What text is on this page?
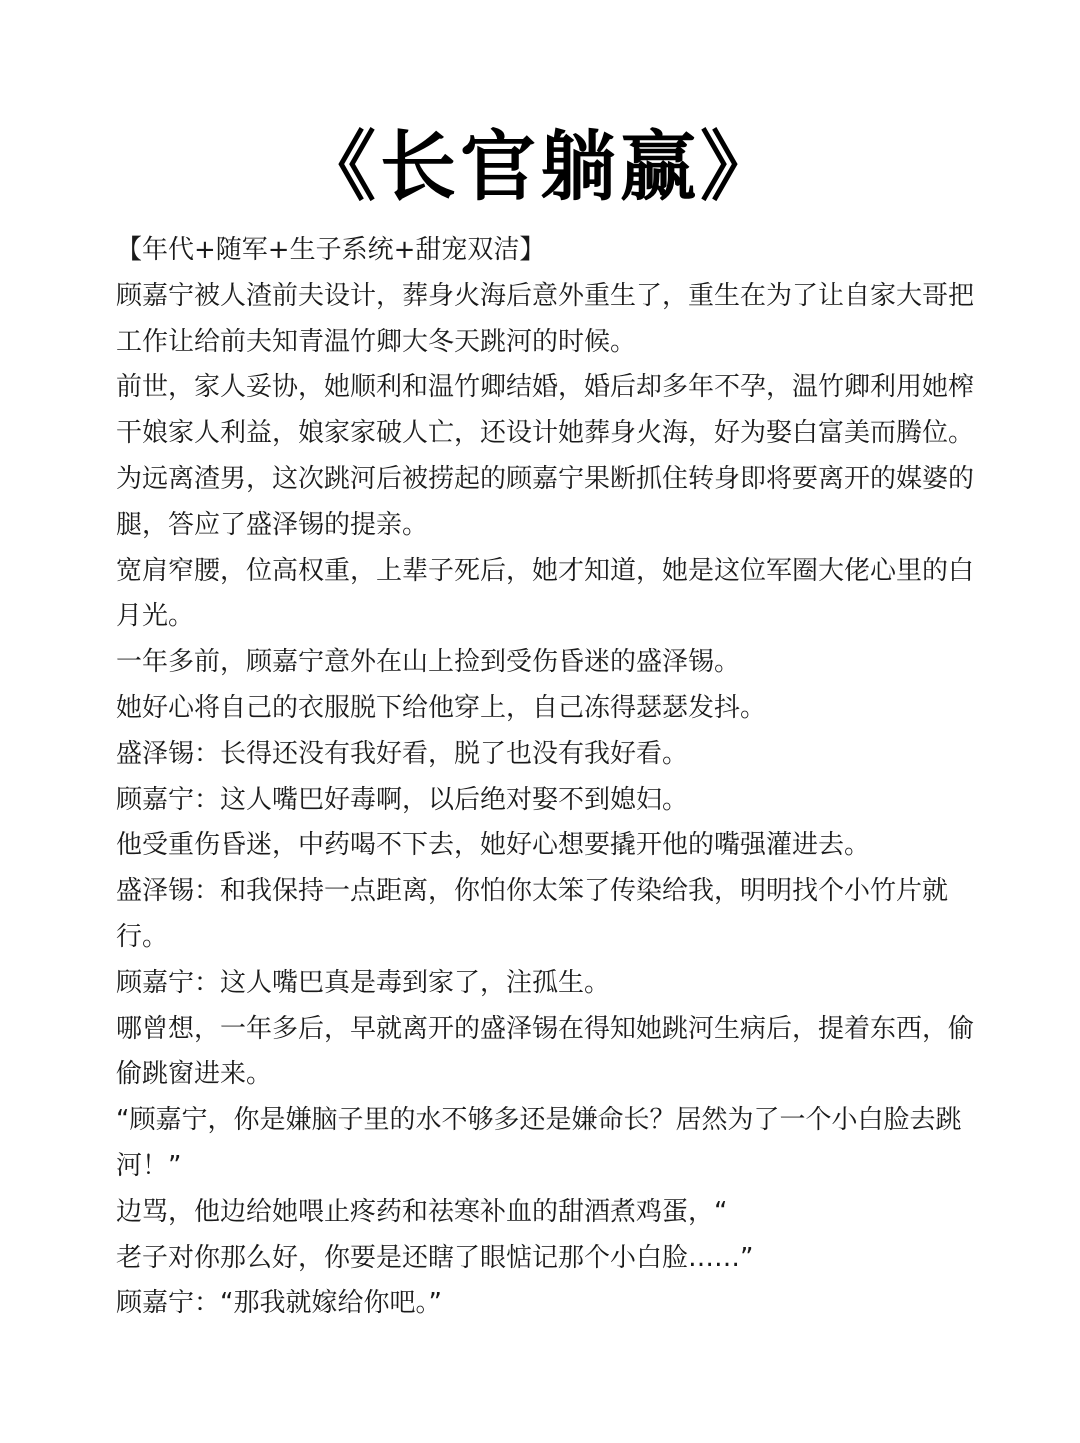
《长官躺赢》

【年代+随军+生子系统+甜宠双洁】

顾嘉宁被人渣前夫设计，葬身火海后意外重生了，重生在为了让自家大哥把工作让给前夫知青温竹卿大冬天跳河的时候。

前世，家人妥协，她顺利和温竹卿结婚，婚后却多年不孕，温竹卿利用她榨干娘家人利益，娘家家破人亡，还设计她葬身火海，好为娶白富美而腾位。

为远离渣男，这次跳河后被捞起的顾嘉宁果断抓住转身即将要离开的媒婆的腿，答应了盛泽锡的提亲。

宽肩窄腰，位高权重，上辈子死后，她才知道，她是这位军圈大佬心里的白月光。

一年多前，顾嘉宁意外在山上捡到受伤昏迷的盛泽锡。

她好心将自己的衣服脱下给他穿上，自己冻得瑟瑟发抖。

盛泽锡：长得还没有我好看，脱了也没有我好看。

顾嘉宁：这人嘴巴好毒啊，以后绝对娶不到媳妇。

他受重伤昏迷，中药喝不下去，她好心想要撬开他的嘴强灌进去。

盛泽锡：和我保持一点距离，你怕你太笨了传染给我，明明找个小竹片就行。

顾嘉宁：这人嘴巴真是毒到家了，注孤生。

哪曾想，一年多后，早就离开的盛泽锡在得知她跳河生病后，提着东西，偷偷跳窗进来。

“顾嘉宁，你是嫌脑子里的水不够多还是嫌命长？居然为了一个小白脸去跳河！”

边骂，他边给她喂止疼药和祛寒补血的甜酒煮鸡蛋，“

老子对你那么好，你要是还瞎了眼惦记那个小白脸……”

顾嘉宁：“那我就嫁给你吧。”
